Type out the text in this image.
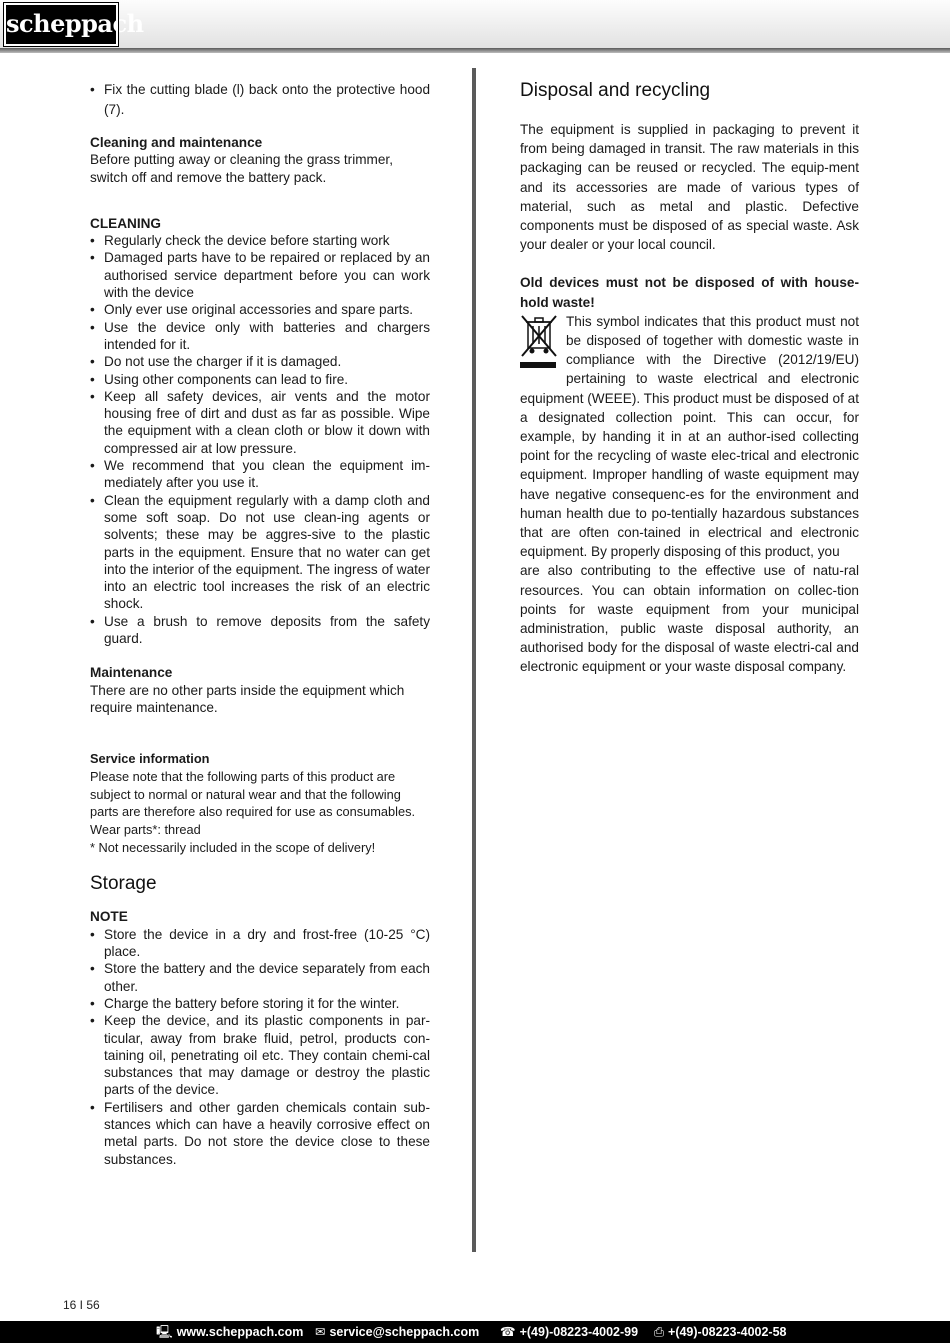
scheppach
• Fix the cutting blade (l) back onto the protective hood (7).
Cleaning and maintenance
Before putting away or cleaning the grass trimmer, switch off and remove the battery pack.
CLEANING
• Regularly check the device before starting work
• Damaged parts have to be repaired or replaced by an authorised service department before you can work with the device
• Only ever use original accessories and spare parts.
• Use the device only with batteries and chargers intended for it.
• Do not use the charger if it is damaged.
• Using other components can lead to fire.
• Keep all safety devices, air vents and the motor housing free of dirt and dust as far as possible. Wipe the equipment with a clean cloth or blow it down with compressed air at low pressure.
• We recommend that you clean the equipment im-mediately after you use it.
• Clean the equipment regularly with a damp cloth and some soft soap. Do not use clean-ing agents or solvents; these may be aggres-sive to the plastic parts in the equipment. Ensure that no water can get into the interior of the equipment. The ingress of water into an electric tool increases the risk of an electric shock.
• Use a brush to remove deposits from the safety guard.
Maintenance
There are no other parts inside the equipment which require maintenance.
Service information
Please note that the following parts of this product are
subject to normal or natural wear and that the following
parts are therefore also required for use as consumables.
Wear parts*: thread
* Not necessarily included in the scope of delivery!
Storage
NOTE
• Store the device in a dry and frost-free (10-25 °C) place.
• Store the battery and the device separately from each other.
• Charge the battery before storing it for the winter.
• Keep the device, and its plastic components in par-ticular, away from brake fluid, petrol, products con-taining oil, penetrating oil etc. They contain chemi-cal substances that may damage or destroy the plastic parts of the device.
• Fertilisers and other garden chemicals contain sub-stances which can have a heavily corrosive effect on metal parts. Do not store the device close to these substances.
Disposal and recycling
The equipment is supplied in packaging to prevent it from being damaged in transit. The raw materials in this packaging can be reused or recycled. The equip-ment and its accessories are made of various types of material, such as metal and plastic. Defective components must be disposed of as special waste. Ask your dealer or your local council.
Old devices must not be disposed of with house-hold waste!
This symbol indicates that this product must not be disposed of together with domestic waste in compliance with the Directive (2012/19/EU) pertaining to waste electrical and electronic equipment (WEEE). This product must be disposed of at a designated collection point. This can occur, for example, by handing it in at an author-ised collecting point for the recycling of waste elec-trical and electronic equipment. Improper handling of waste equipment may have negative consequenc-es for the environment and human health due to po-tentially hazardous substances that are often con-tained in electrical and electronic equipment. By properly disposing of this product, you
are also contributing to the effective use of natu-ral resources. You can obtain information on collec-tion points for waste equipment from your municipal administration, public waste disposal authority, an authorised body for the disposal of waste electri-cal and electronic equipment or your waste disposal company.
16 I 56
🖳︎ www.scheppach.com ✉︎ service@scheppach.com ☎︎ +(49)-08223-4002-99 ⎙ +(49)-08223-4002-58
